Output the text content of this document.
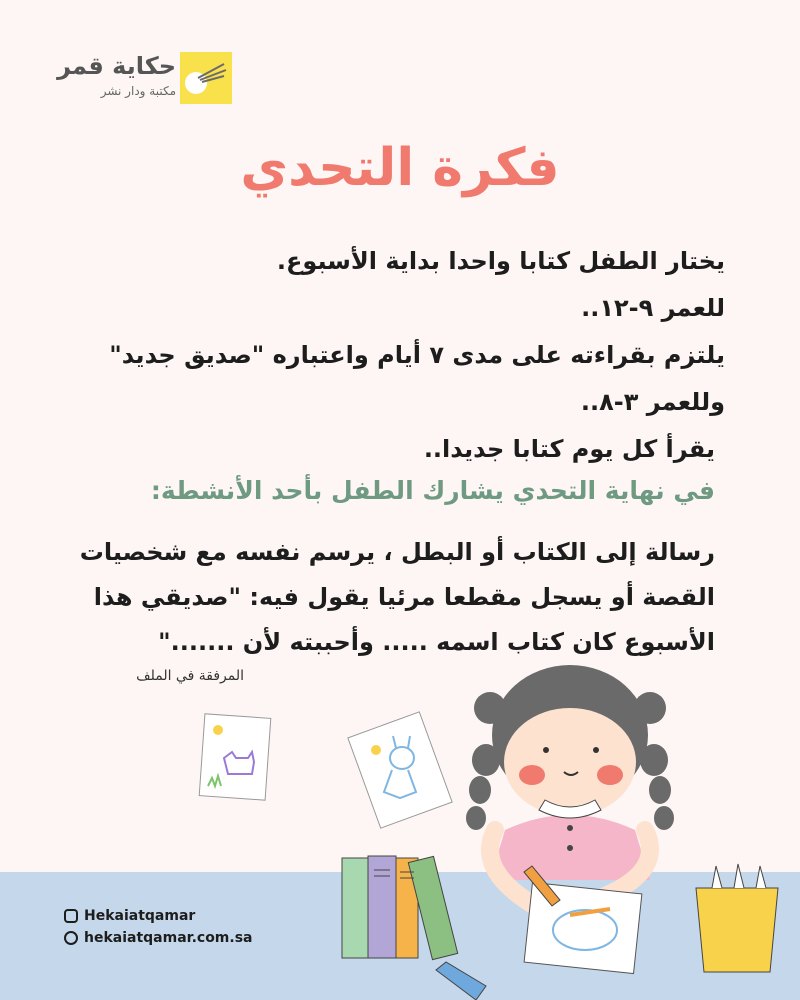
حكاية قمر
مكتبة ودار نشر
فكرة التحدي

يختار الطفل كتابا واحدا بداية الأسبوع.

للعمر ٩-١٢..

يلتزم بقراءته على مدى ٧ أيام واعتباره "صديق جديد"

وللعمر ٣-٨..

يقرأ كل يوم كتابا جديدا..

في نهاية التحدي يشارك الطفل بأحد الأنشطة:

رسالة إلى الكتاب أو البطل ، يرسم نفسه مع شخصيات

القصة أو يسجل مقطعا مرئيا يقول فيه: "صديقي هذا

الأسبوع كان كتاب اسمه ..... وأحببته لأن ......."

المرفقة في الملف
Hekaiatqamar
hekaiatqamar.com.sa
